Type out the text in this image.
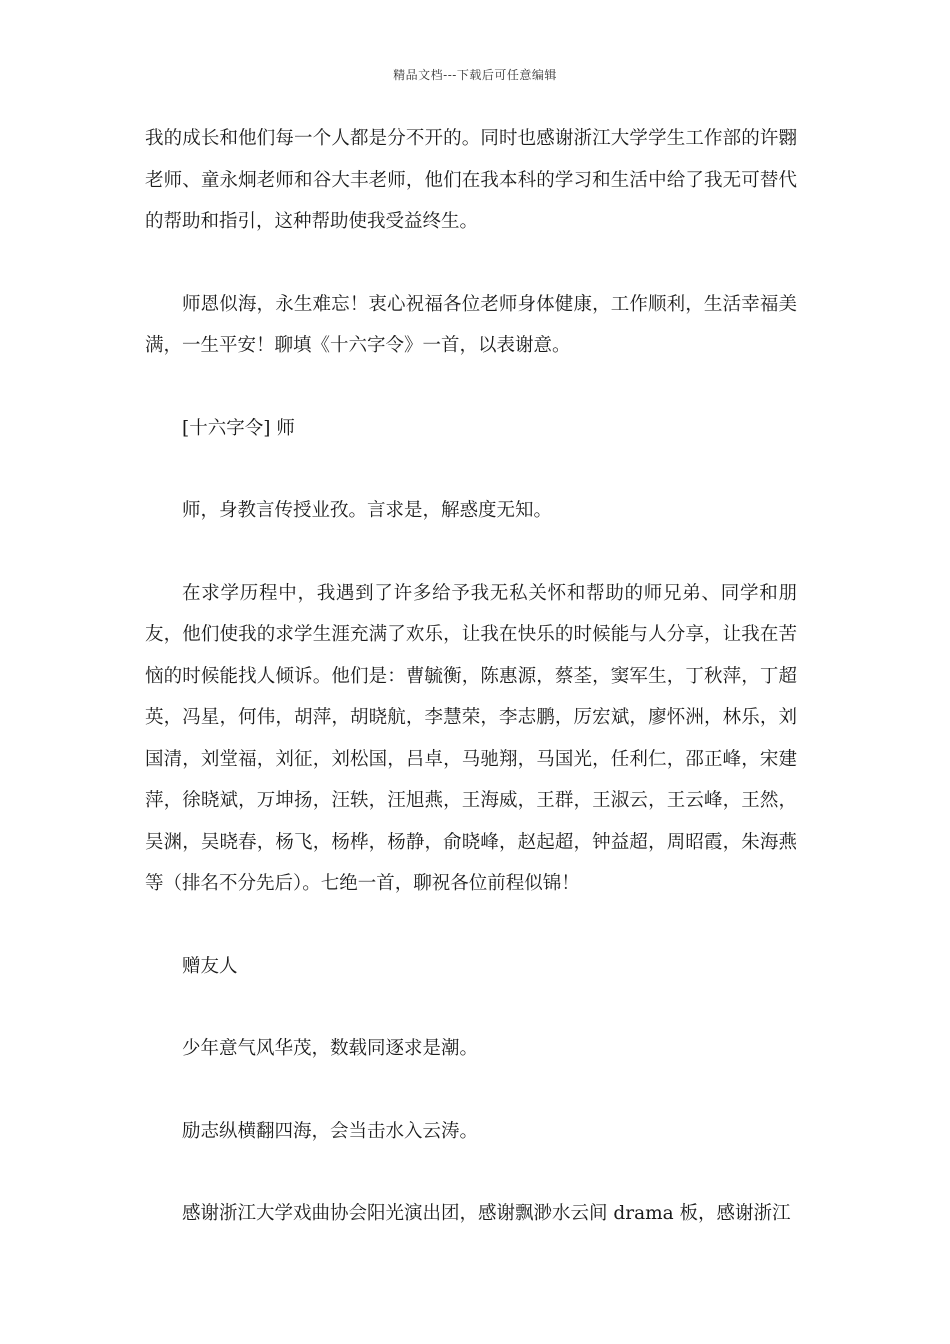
精品文档---下载后可任意编辑

我的成长和他们每一个人都是分不开的。同时也感谢浙江大学学生工作部的许翾老师、童永炯老师和谷大丰老师，他们在我本科的学习和生活中给了我无可替代的帮助和指引，这种帮助使我受益终生。

师恩似海，永生难忘！衷心祝福各位老师身体健康，工作顺利，生活幸福美满，一生平安！聊填《十六字令》一首，以表谢意。

[十六字令] 师

师，身教言传授业孜。言求是，解惑度无知。

在求学历程中，我遇到了许多给予我无私关怀和帮助的师兄弟、同学和朋友，他们使我的求学生涯充满了欢乐，让我在快乐的时候能与人分享，让我在苦恼的时候能找人倾诉。他们是：曹毓衡，陈惠源，蔡荃，窦军生，丁秋萍，丁超英，冯星，何伟，胡萍，胡晓航，李慧荣，李志鹏，厉宏斌，廖怀洲，林乐，刘国清，刘堂福，刘征，刘松国，吕卓，马驰翔，马国光，任利仁，邵正峰，宋建萍，徐晓斌，万坤扬，汪轶，汪旭燕，王海威，王群，王淑云，王云峰，王然，吴渊，吴晓春，杨飞，杨桦，杨静，俞晓峰，赵起超，钟益超，周昭霞，朱海燕等（排名不分先后）。七绝一首，聊祝各位前程似锦！

赠友人

少年意气风华茂，数载同逐求是潮。

励志纵横翻四海，会当击水入云涛。

感谢浙江大学戏曲协会阳光演出团，感谢飘渺水云间 drama 板，感谢浙江
